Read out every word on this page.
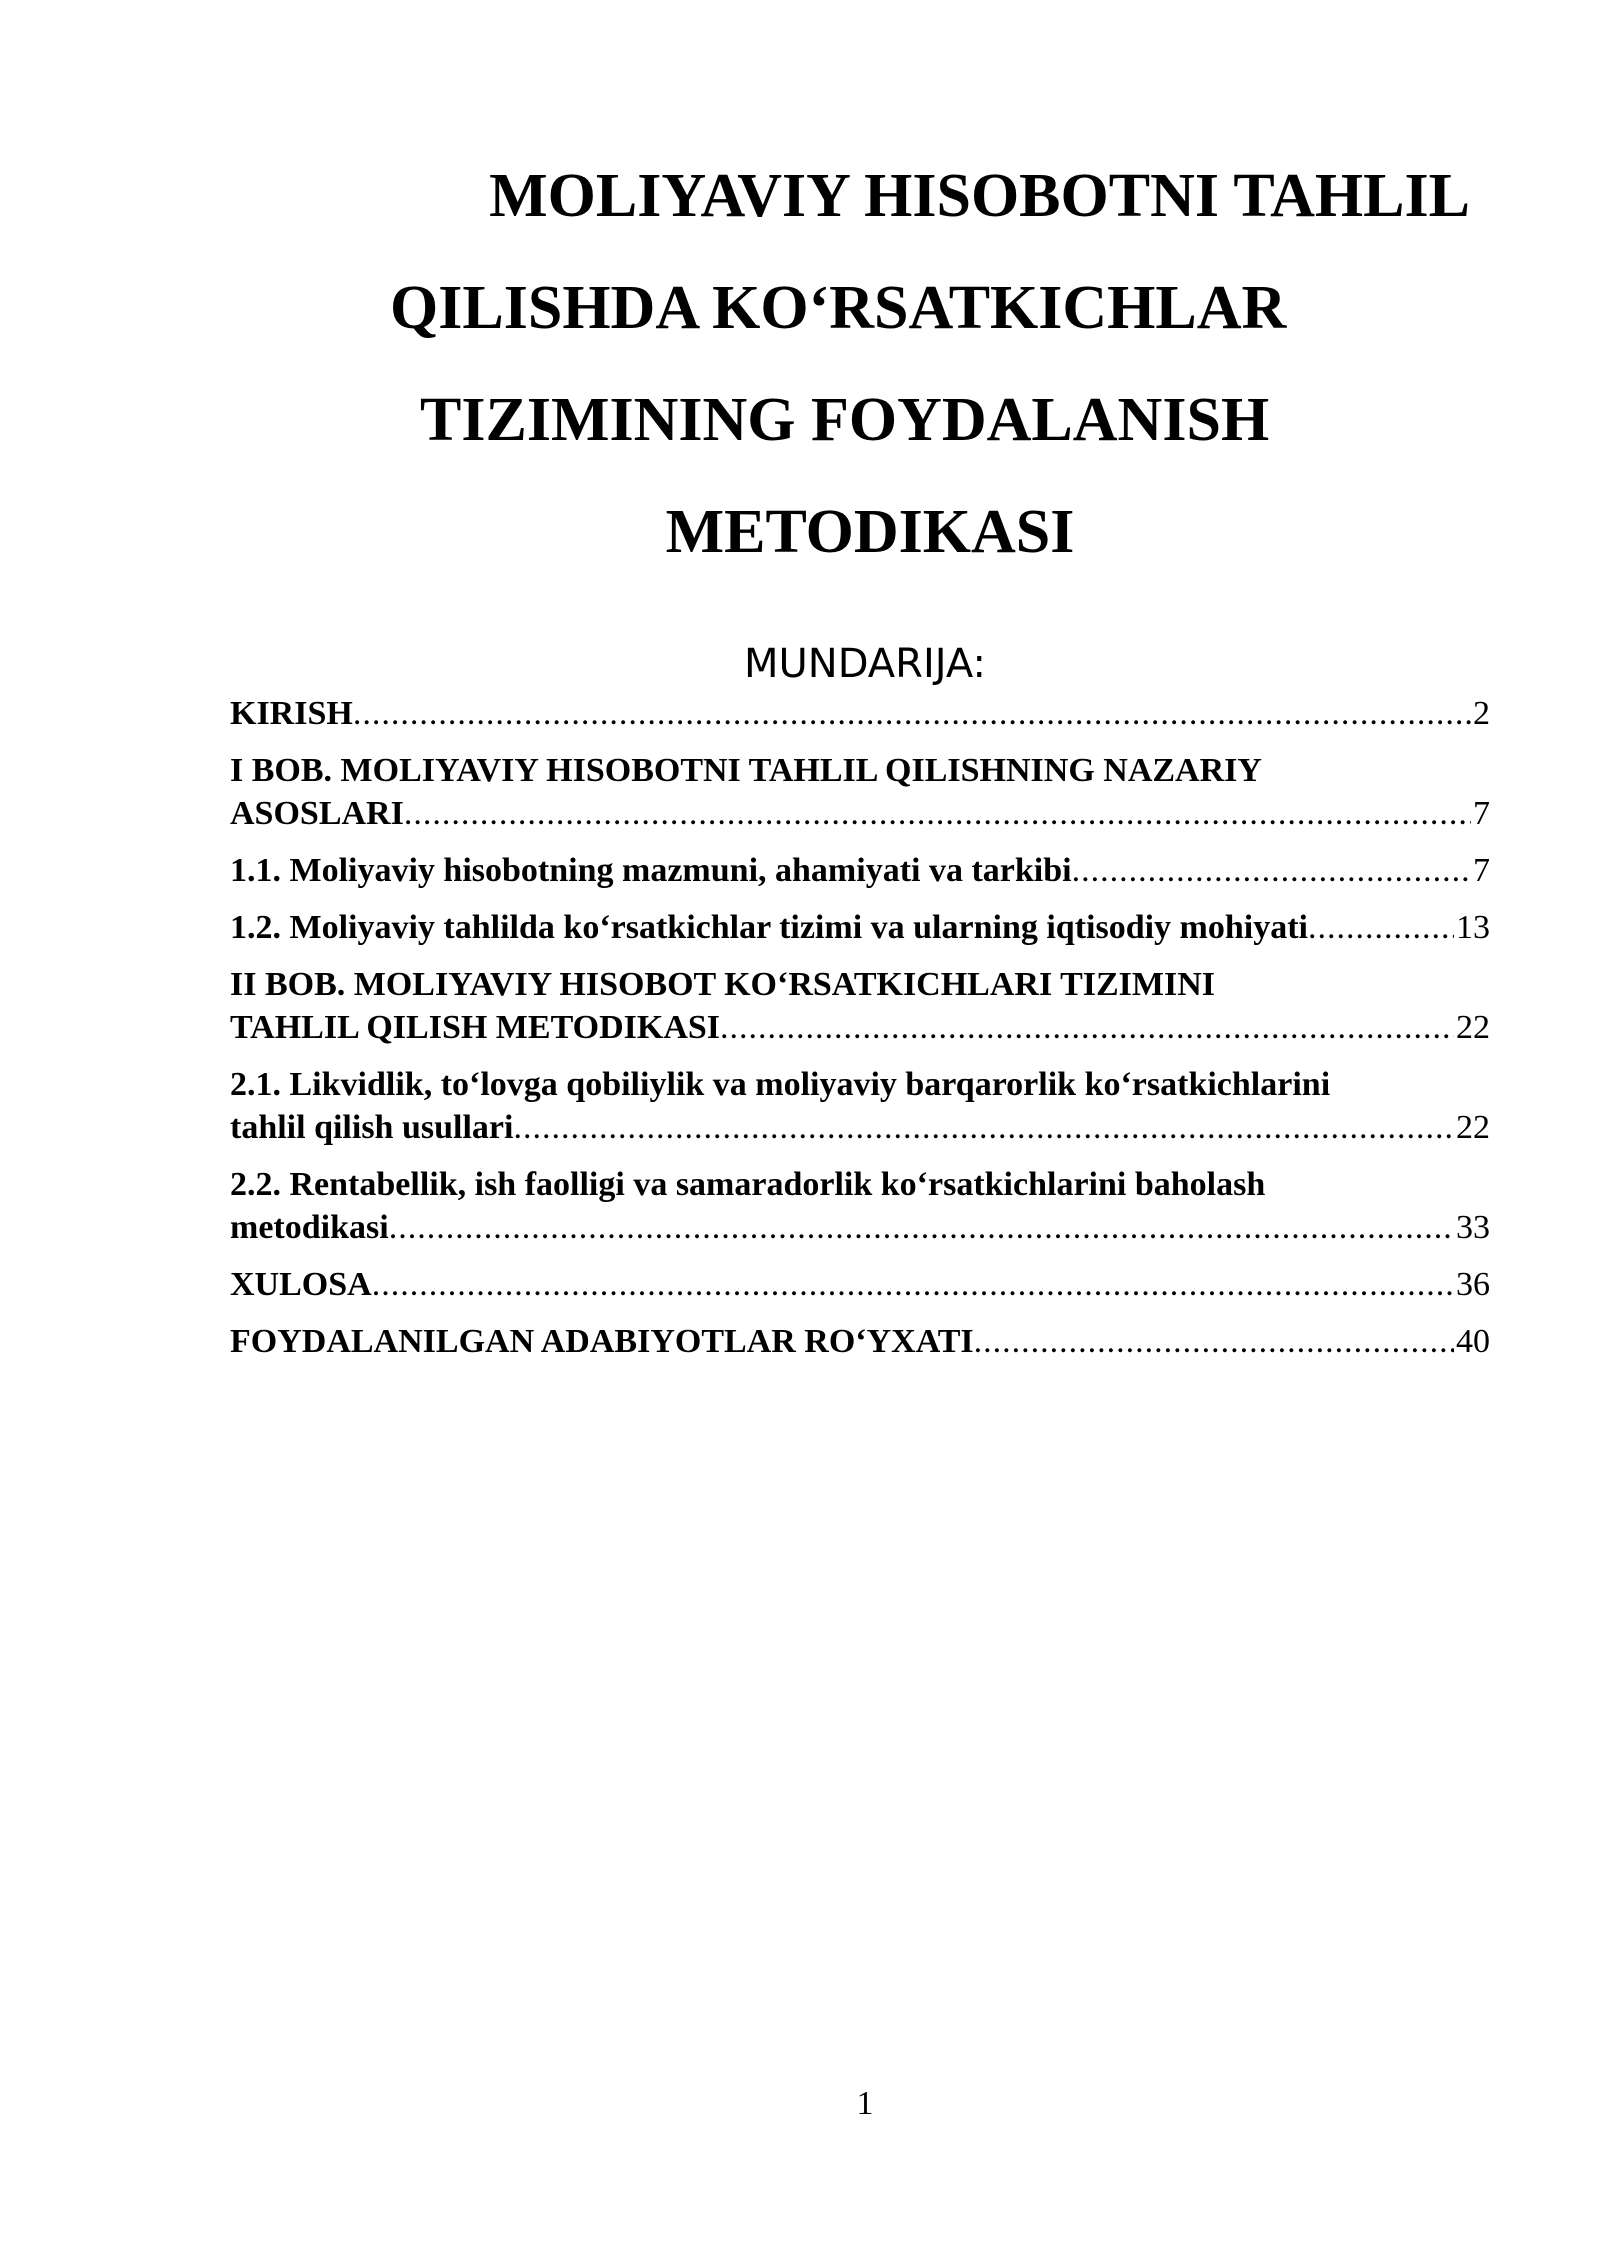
MOLIYAVIY HISOBOTNI TAHLIL
QILISHDA KO‘RSATKICHLAR
TIZIMINING FOYDALANISH
METODIKASI
MUNDARIJA:
KIRISH .....	2
I BOB. MOLIYAVIY HISOBOTNI TAHLIL QILISHNING NAZARIY
ASOSLARI .....	7
1.1. Moliyaviy hisobotning mazmuni, ahamiyati va tarkibi .....	7
1.2. Moliyaviy tahlilda ko‘rsatkichlar tizimi va ularning iqtisodiy mohiyati .....	13
II BOB. MOLIYAVIY HISOBOT KO‘RSATKICHLARI TIZIMINI
TAHLIL QILISH METODIKASI .....	22
2.1. Likvidlik, to‘lovga qobiliylik va moliyaviy barqarorlik ko‘rsatkichlarini
tahlil qilish usullari .....	22
2.2. Rentabellik, ish faolligi va samaradorlik ko‘rsatkichlarini baholash
metodikasi .....	33
XULOSA .....	36
FOYDALANILGAN ADABIYOTLAR RO‘YXATI .....	40
1
